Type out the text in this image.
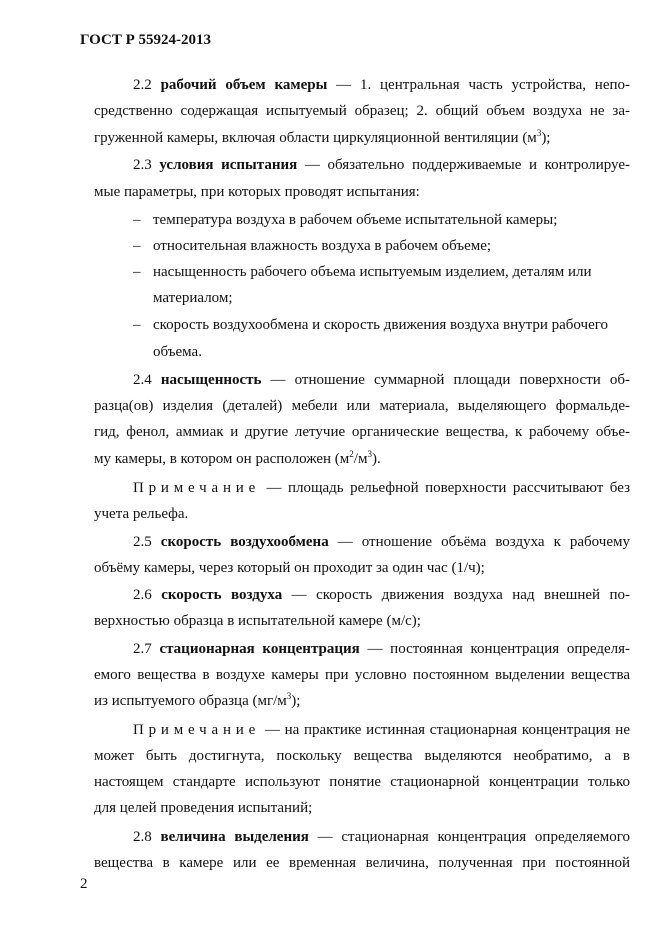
ГОСТ Р 55924-2013
2.2 рабочий объем камеры — 1. центральная часть устройства, непо-
средственно содержащая испытуемый образец; 2. общий объем воздуха не за-
груженной камеры, включая области циркуляционной вентиляции $(м^3)$;
2.3 условия испытания — обязательно поддерживаемые и контролируе-
мые параметры, при которых проводят испытания:
температура воздуха в рабочем объеме испытательной камеры;
–
относительная влажность воздуха в рабочем объеме;
–
насыщенность рабочего объема испытуемым изделием, деталям или
–
материалом;
скорость воздухообмена и скорость движения воздуха внутри рабочего
–
объема.
2.4 насыщенность — отношение суммарной площади поверхности об-
разца(ов) изделия (деталей) мебели или материала, выделяющего формальде-
гид, фенол, аммиак и другие летучие органические вещества, к рабочему объе-
му камеры, в котором он расположен $(м^2/м^3)$.
Примечание — площадь рельефной поверхности рассчитывают без
учета рельефа.
2.5 скорость воздухообмена — отношение объёма воздуха к рабочему
объёму камеры, через который он проходит за один час (1/ч);
2.6 скорость воздуха — скорость движения воздуха над внешней по-
верхностью образца в испытательной камере (м/с);
2.7 стационарная концентрация — постоянная концентрация определя-
емого вещества в воздухе камеры при условно постоянном выделении вещества
из испытуемого образца $(мг/м^3)$;
Примечание — на практике истинная стационарная концентрация не
может быть достигнута, поскольку вещества выделяются необратимо, а в
настоящем стандарте используют понятие стационарной концентрации только
для целей проведения испытаний;
2.8 величина выделения — стационарная концентрация определяемого
вещества в камере или ее временная величина, полученная при постоянной
2
